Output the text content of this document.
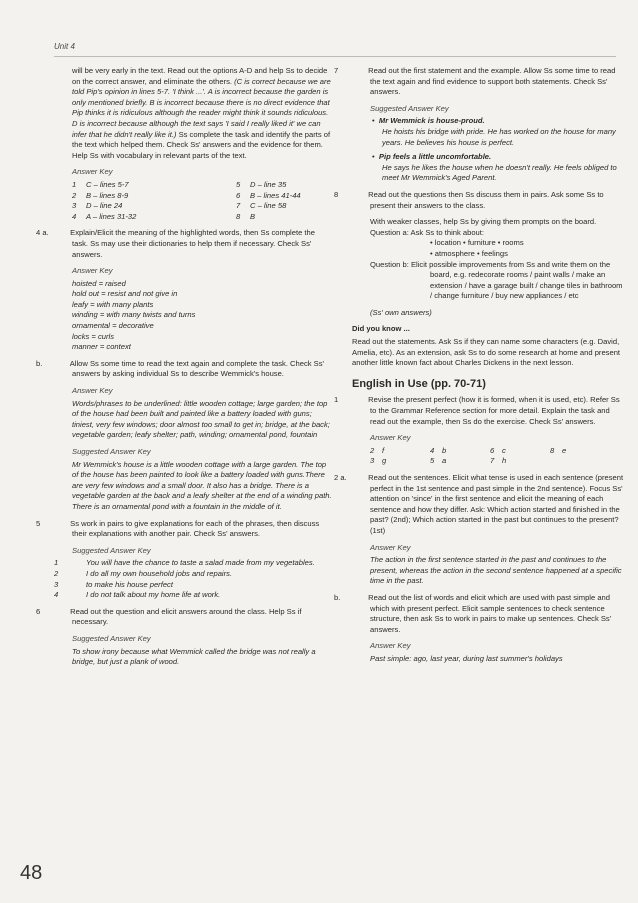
Unit 4

will be very early in the text. Read out the options A-D and help Ss to decide on the correct answer, and eliminate the others. (C is correct because we are told Pip's opinion in lines 5-7. 'I think ...'. A is incorrect because the garden is only mentioned briefly. B is incorrect because there is no direct evidence that Pip thinks it is ridiculous although the reader might think it sounds ridiculous. D is incorrect because although the text says 'I said I really liked it' we can infer that he didn't really like it.) Ss complete the task and identify the parts of the text which helped them. Check Ss' answers and the evidence for them. Help Ss with vocabulary in relevant parts of the text.

Answer Key

1	C – lines 5-7	5	D – line 35
2	B – lines 8-9	6	B – lines 41-44
3	D – line 24	7	C – line 58
4	A – lines 31-32	8	B

4 a.	Explain/Elicit the meaning of the highlighted words, then Ss complete the task. Ss may use their dictionaries to help them if necessary. Check Ss' answers.

Answer Key

hoisted = raised

hold out = resist and not give in

leafy = with many plants

winding = with many twists and turns

ornamental = decorative

locks = curls

manner = context

b.	Allow Ss some time to read the text again and complete the task. Check Ss' answers by asking individual Ss to describe Wemmick's house.

Answer Key

Words/phrases to be underlined: little wooden cottage; large garden; the top of the house had been built and painted like a battery loaded with guns; tiniest, very few windows; door almost too small to get in; bridge, at the back; vegetable garden; leafy shelter; path, winding; ornamental pond, fountain

Suggested Answer Key

Mr Wemmick's house is a little wooden cottage with a large garden. The top of the house has been painted to look like a battery loaded with guns.There are very few windows and a small door. It also has a bridge. There is a vegetable garden at the back and a leafy shelter at the end of a winding path. There is an ornamental pond with a fountain in the middle of it.

5	Ss work in pairs to give explanations for each of the phrases, then discuss their explanations with another pair. Check Ss' answers.

Suggested Answer Key

1	You will have the chance to taste a salad made from my vegetables.

2	I do all my own household jobs and repairs.

3	to make his house perfect

4	I do not talk about my home life at work.

6	Read out the question and elicit answers around the class. Help Ss if necessary.

Suggested Answer Key

To show irony because what Wemmick called the bridge was not really a bridge, but just a plank of wood.

7	Read out the first statement and the example. Allow Ss some time to read the text again and find evidence to support both statements. Check Ss' answers.

Suggested Answer Key

•  Mr Wemmick is house-proud.

He hoists his bridge with pride. He has worked on the house for many years. He believes his house is perfect.

•  Pip feels a little uncomfortable.

He says he likes the house when he doesn't really. He feels obliged to meet Mr Wemmick's Aged Parent.

8	Read out the questions then Ss discuss them in pairs. Ask some Ss to present their answers to the class.

With weaker classes, help Ss by giving them prompts on the board.

Question a: Ask Ss to think about:

• location • furniture • rooms

• atmosphere • feelings

Question b: Elicit possible improvements from Ss and write them on the board, e.g. redecorate rooms / paint walls / make an extension / have a garage built / change tiles in bathroom / change furniture / buy new appliances / etc

(Ss' own answers)

Did you know ...

Read out the statements. Ask Ss if they can name some characters (e.g. David, Amelia, etc). As an extension, ask Ss to do some research at home and present another little known fact about Charles Dickens in the next lesson.

English in Use (pp. 70-71)

1	Revise the present perfect (how it is formed, when it is used, etc). Refer Ss to the Grammar Reference section for more detail. Explain the task and read out the example, then Ss do the exercise. Check Ss' answers.

Answer Key

2	f	4	b	6	c	8	e
3	g	5	a	7	h

2 a.	Read out the sentences. Elicit what tense is used in each sentence (present perfect in the 1st sentence and past simple in the 2nd sentence). Focus Ss' attention on 'since' in the first sentence and elicit the meaning of each sentence and how they differ. Ask: Which action started and finished in the past? (2nd); Which action started in the past but continues to the present? (1st)

Answer Key

The action in the first sentence started in the past and continues to the present, whereas the action in the second sentence happened at a specific time in the past.

b.	Read out the list of words and elicit which are used with past simple and which with present perfect. Elicit sample sentences to check sentence structure, then ask Ss to work in pairs to make up sentences. Check Ss' answers.

Answer Key

Past simple: ago, last year, during last summer's holidays

48
